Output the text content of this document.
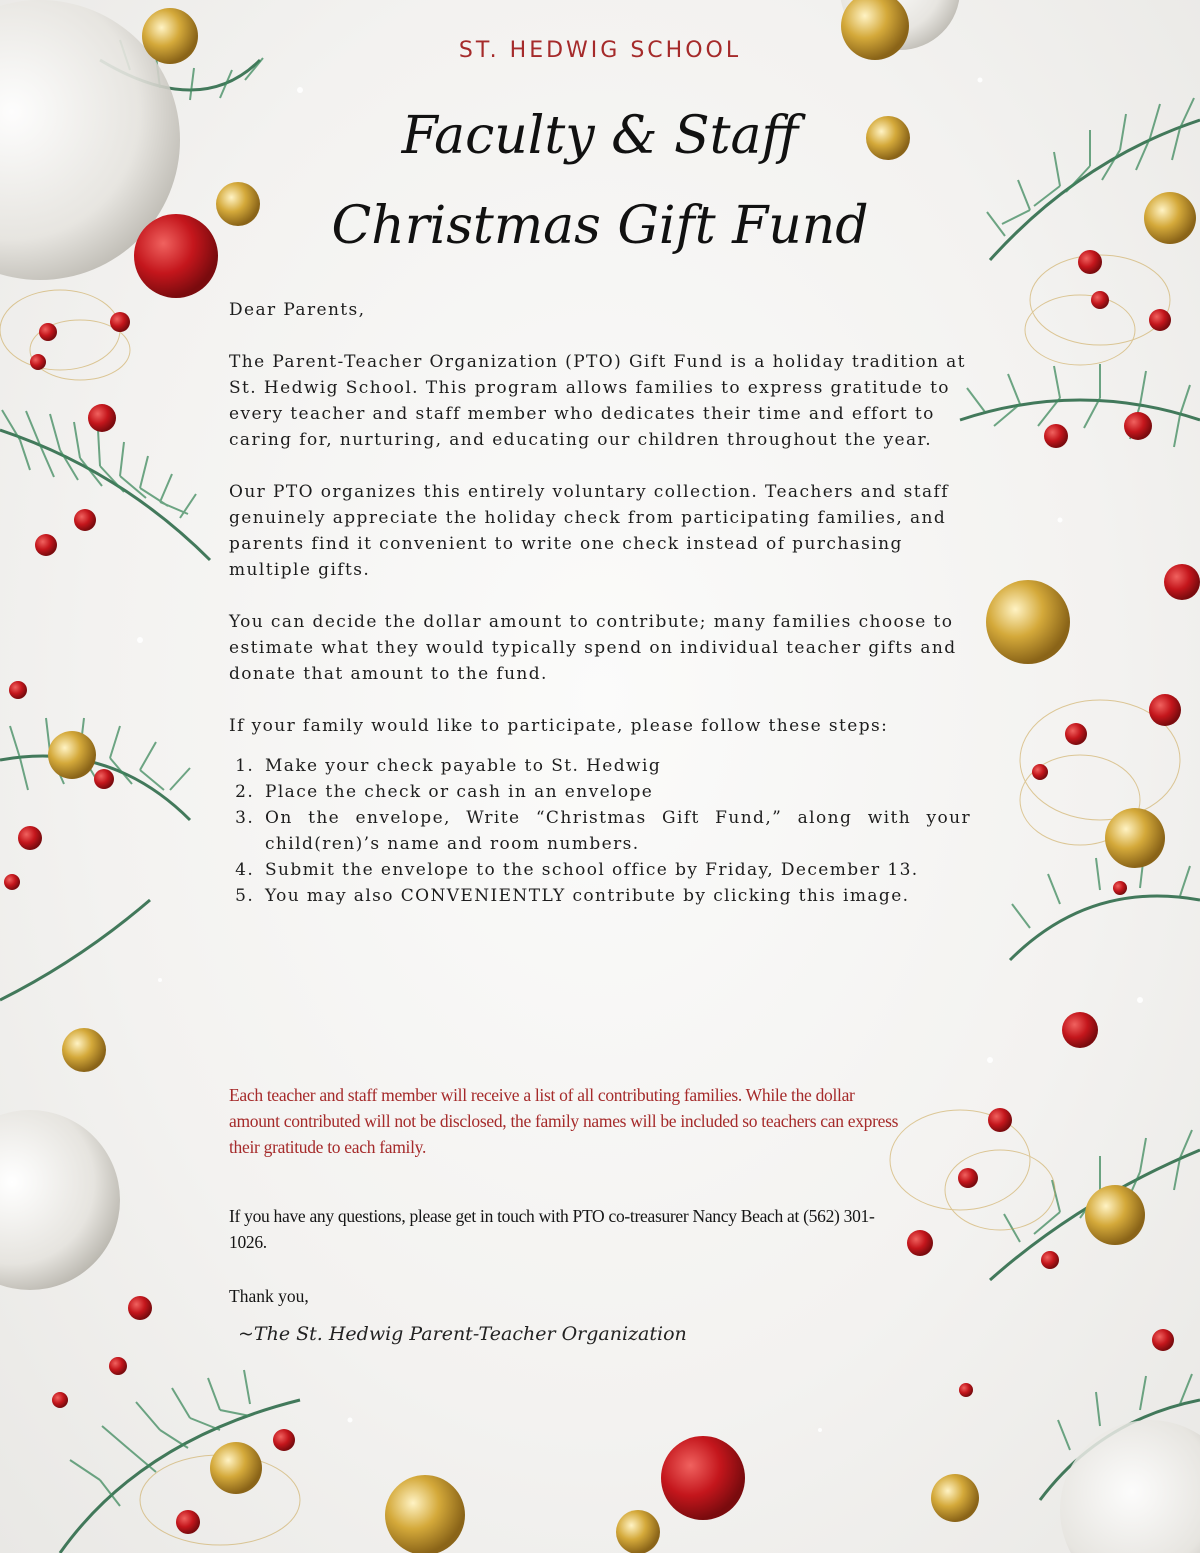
ST. HEDWIG SCHOOL
Faculty & Staff
Christmas Gift Fund

Dear Parents,

The Parent-Teacher Organization (PTO) Gift Fund is a holiday tradition at St. Hedwig School. This program allows families to express gratitude to every teacher and staff member who dedicates their time and effort to caring for, nurturing, and educating our children throughout the year.

Our PTO organizes this entirely voluntary collection. Teachers and staff genuinely appreciate the holiday check from participating families, and parents find it convenient to write one check instead of purchasing multiple gifts.

You can decide the dollar amount to contribute; many families choose to estimate what they would typically spend on individual teacher gifts and donate that amount to the fund.

If your family would like to participate, please follow these steps:

1. Make your check payable to St. Hedwig
2. Place the check or cash in an envelope
3. On the envelope, Write “Christmas Gift Fund,” along with your child(ren)’s name and room numbers.
4. Submit the envelope to the school office by Friday, December 13.
5. You may also CONVENIENTLY contribute by clicking this image.
Each teacher and staff member will receive a list of all contributing families. While the dollar amount contributed will not be disclosed, the family names will be included so teachers can express their gratitude to each family.
If you have any questions, please get in touch with PTO co-treasurer Nancy Beach at (562) 301-1026.
Thank you,
~The St. Hedwig Parent-Teacher Organization
